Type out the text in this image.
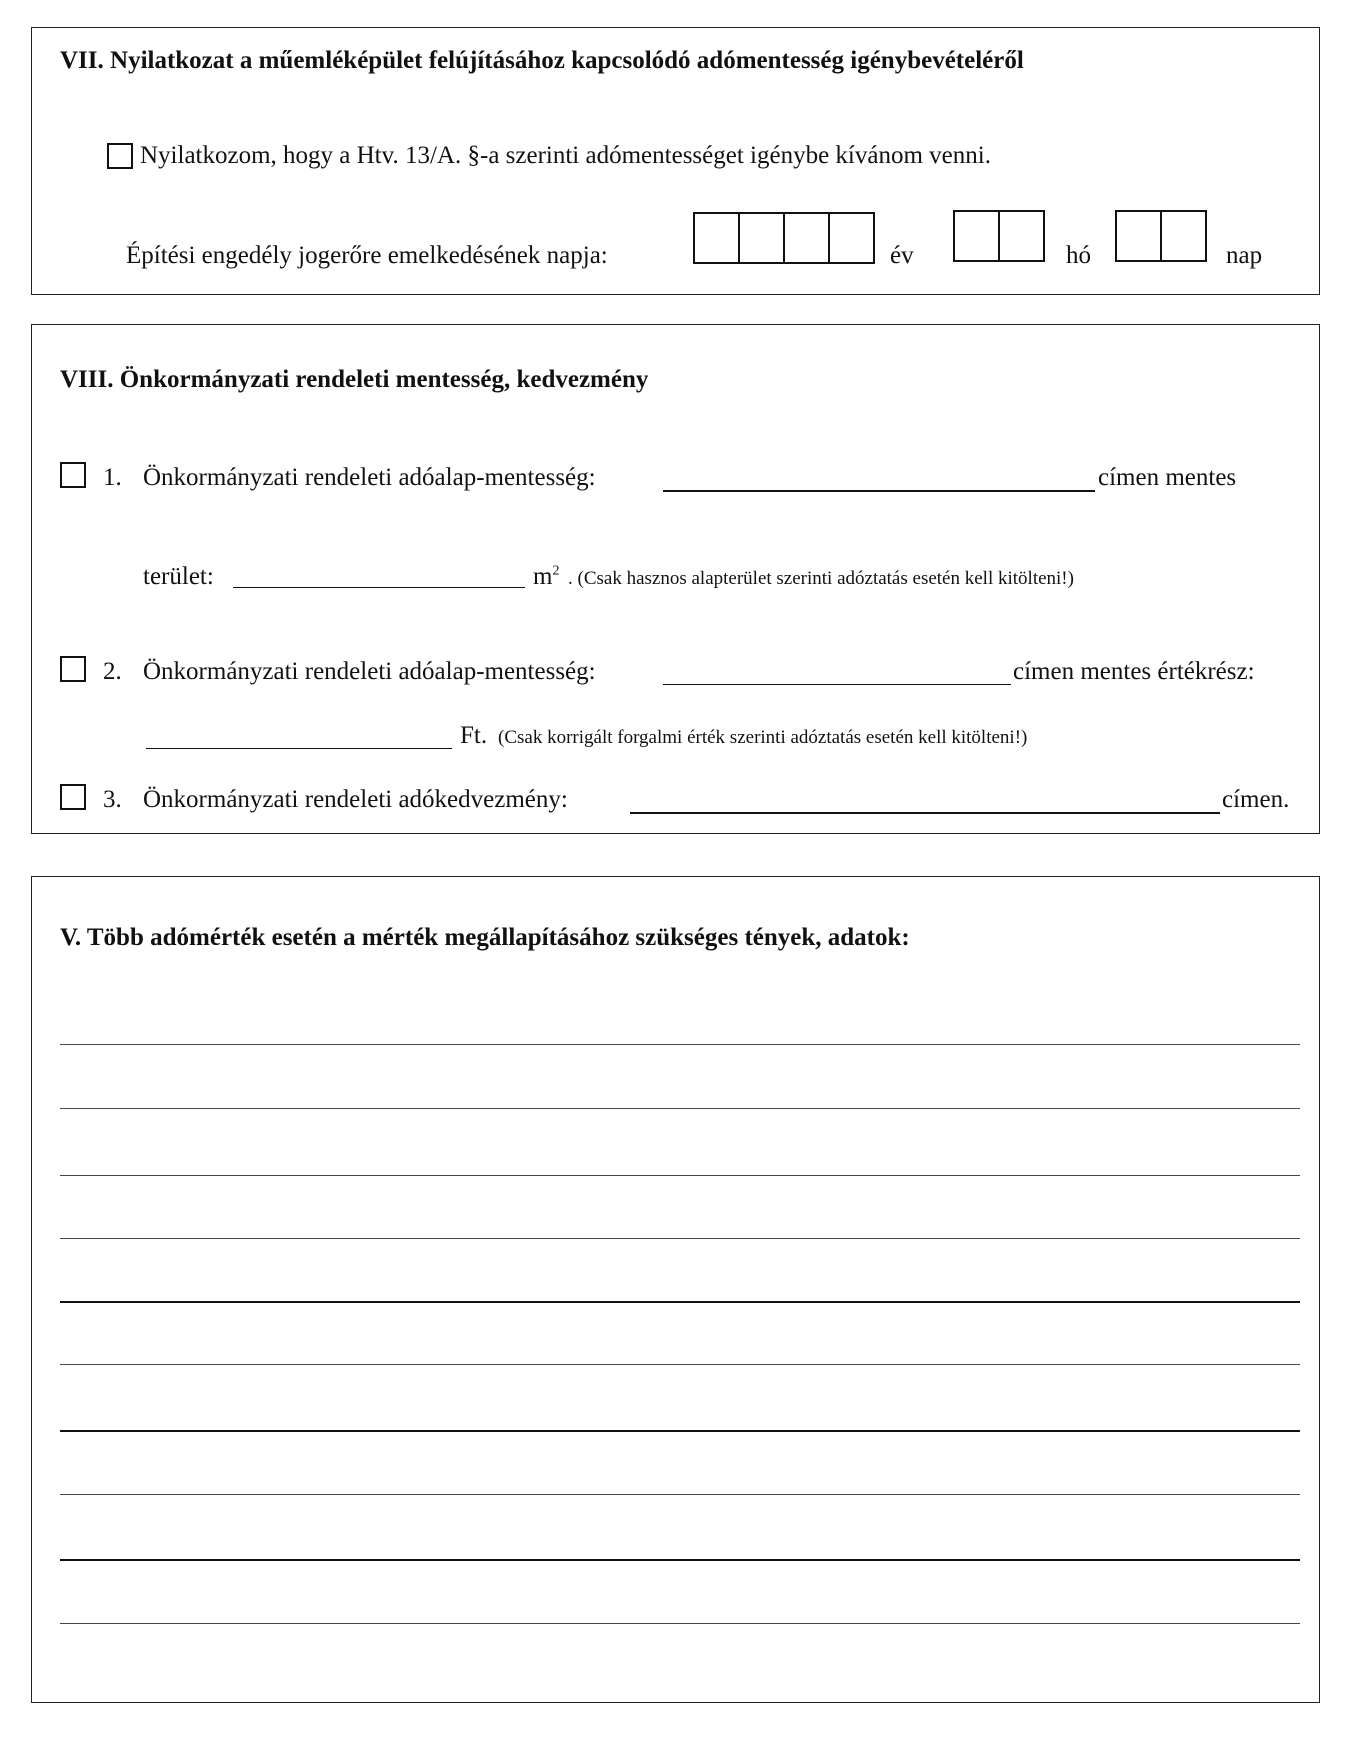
VII. Nyilatkozat a műemléképület felújításához kapcsolódó adómentesség igénybevételéről
Nyilatkozom, hogy a Htv. 13/A. §-a szerinti adómentességet igénybe kívánom venni.
Építési engedély jogerőre emelkedésének napja:	év	hó	nap
VIII. Önkormányzati rendeleti mentesség, kedvezmény
1. Önkormányzati rendeleti adóalap-mentesség:	címen mentes
terület:	$m^2$ . (Csak hasznos alapterület szerinti adóztatás esetén kell kitölteni!)
2. Önkormányzati rendeleti adóalap-mentesség:	címen mentes értékrész:
Ft. (Csak korrigált forgalmi érték szerinti adóztatás esetén kell kitölteni!)
3. Önkormányzati rendeleti adókedvezmény:	címen.
V. Több adómérték esetén a mérték megállapításához szükséges tények, adatok:
